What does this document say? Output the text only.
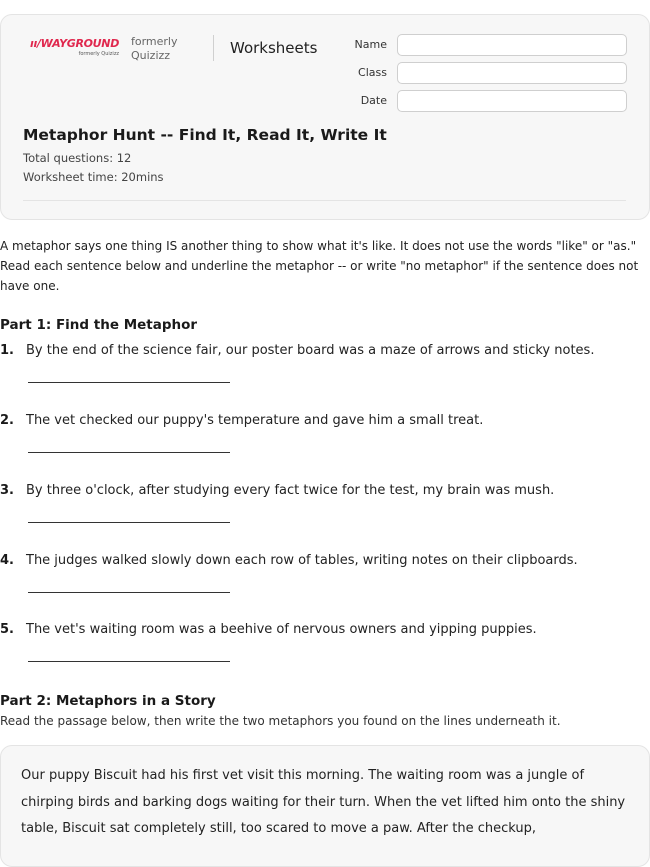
ıı/WAYGROUND
formerly Quizizz
formerly Quizizz	Worksheets	Name
Class
Date
Metaphor Hunt -- Find It, Read It, Write It
Total questions: 12
Worksheet time: 20mins
A metaphor says one thing IS another thing to show what it's like. It does not use the words "like" or "as." Read each sentence below and underline the metaphor -- or write "no metaphor" if the sentence does not have one.
Part 1: Find the Metaphor
1. By the end of the science fair, our poster board was a maze of arrows and sticky notes.
2. The vet checked our puppy's temperature and gave him a small treat.
3. By three o'clock, after studying every fact twice for the test, my brain was mush.
4. The judges walked slowly down each row of tables, writing notes on their clipboards.
5. The vet's waiting room was a beehive of nervous owners and yipping puppies.
Part 2: Metaphors in a Story
Read the passage below, then write the two metaphors you found on the lines underneath it.
Our puppy Biscuit had his first vet visit this morning. The waiting room was a jungle of chirping birds and barking dogs waiting for their turn. When the vet lifted him onto the shiny table, Biscuit sat completely still, too scared to move a paw. After the checkup,
